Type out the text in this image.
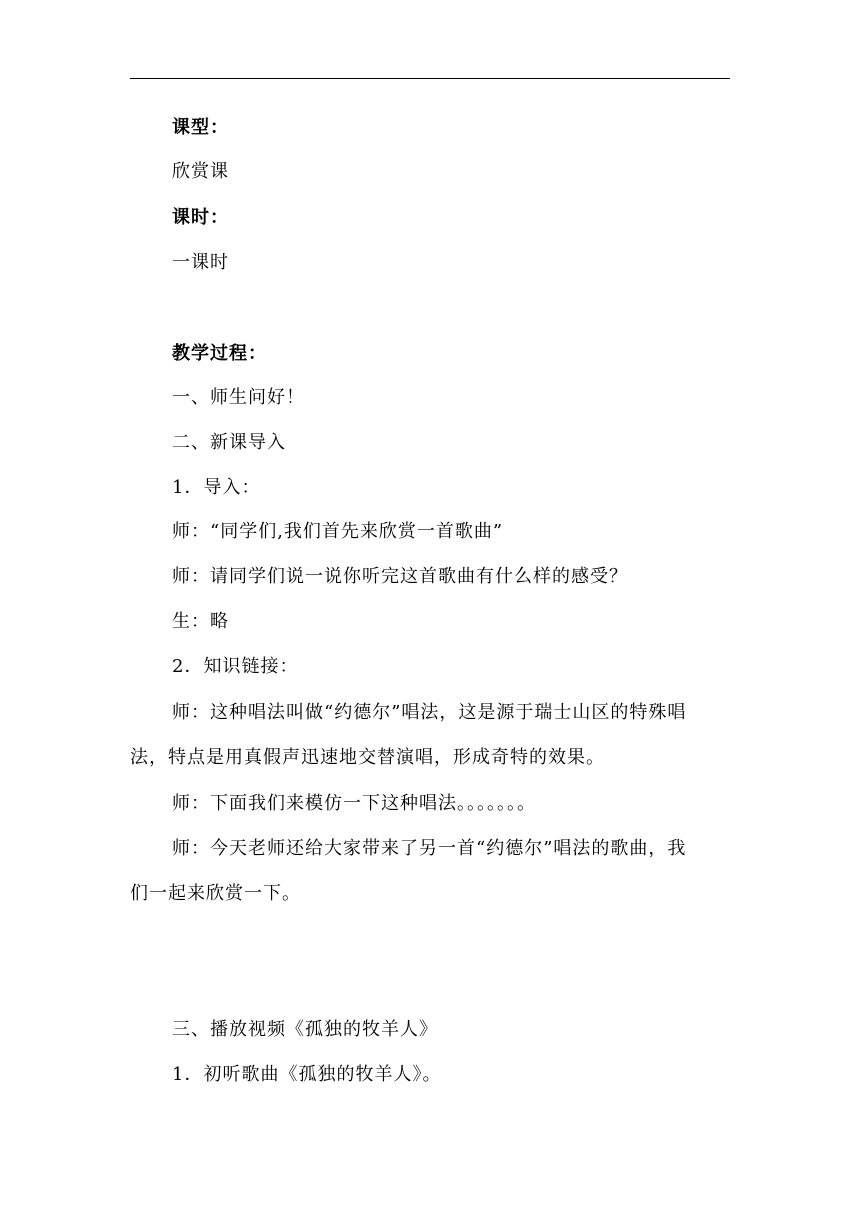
课型：
欣赏课
课时：
一课时
教学过程：
一、师生问好！
二、新课导入
1．导入：
师：“同学们,我们首先来欣赏一首歌曲”
师：请同学们说一说你听完这首歌曲有什么样的感受？
生：略
2．知识链接：
师：这种唱法叫做“约德尔”唱法，这是源于瑞士山区的特殊唱
法，特点是用真假声迅速地交替演唱，形成奇特的效果。
师：下面我们来模仿一下这种唱法。。。。。。。
师：今天老师还给大家带来了另一首“约德尔”唱法的歌曲，我
们一起来欣赏一下。
三、播放视频《孤独的牧羊人》
1．初听歌曲《孤独的牧羊人》。
